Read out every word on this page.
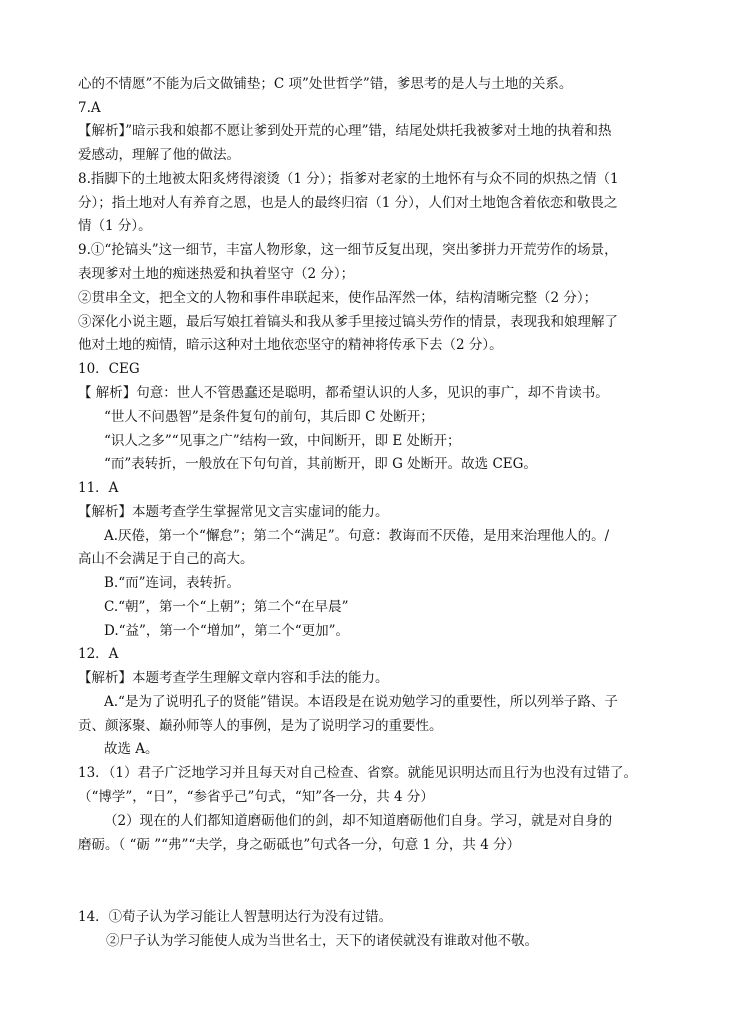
心的不情愿”不能为后文做铺垫；C 项”处世哲学”错，爹思考的是人与土地的关系。
7.A
【解析】”暗示我和娘都不愿让爹到处开荒的心理”错，结尾处烘托我被爹对土地的执着和热
爱感动，理解了他的做法。
8.指脚下的土地被太阳炙烤得滚烫（1 分）；指爹对老家的土地怀有与众不同的炽热之情（1
分）；指土地对人有养育之恩，也是人的最终归宿（1 分），人们对土地饱含着依恋和敬畏之
情（1 分）。
9.①“抡镐头”这一细节，丰富人物形象，这一细节反复出现，突出爹拼力开荒劳作的场景，
表现爹对土地的痴迷热爱和执着坚守（2 分）；
②贯串全文，把全文的人物和事件串联起来，使作品浑然一体，结构清晰完整（2 分）；
③深化小说主题，最后写娘扛着镐头和我从爹手里接过镐头劳作的情景，表现我和娘理解了
他对土地的痴情，暗示这种对土地依恋坚守的精神将传承下去（2 分）。
10．CEG
【 解析】句意：世人不管愚蠢还是聪明，都希望认识的人多，见识的事广，却不肯读书。
“世人不问愚智”是条件复句的前句，其后即 C 处断开；
“识人之多”“见事之广”结构一致，中间断开，即 E 处断开；
“而”表转折，一般放在下句句首，其前断开，即 G 处断开。故选 CEG。
11．A
【解析】本题考查学生掌握常见文言实虚词的能力。
A.厌倦，第一个“懈怠”；第二个“满足”。句意：教诲而不厌倦，是用来治理他人的。/
高山不会满足于自己的高大。
B.“而”连词，表转折。
C.“朝”，第一个“上朝”；第二个“在早晨”
D.“益”，第一个“增加”，第二个“更加”。
12．A
【解析】本题考查学生理解文章内容和手法的能力。
A.“是为了说明孔子的贤能”错误。本语段是在说劝勉学习的重要性，所以列举子路、子
贡、颜涿聚、巅孙师等人的事例，是为了说明学习的重要性。
故选 A。
13．（1）君子广泛地学习并且每天对自己检查、省察。就能见识明达而且行为也没有过错了。
（“博学”，“日”，“参省乎己”句式，“知”各一分，共 4 分）
（2）现在的人们都知道磨砺他们的剑，却不知道磨砺他们自身。学习，就是对自身的
磨砺。（ “砺 ”“弗”“夫学，身之砺砥也”句式各一分，句意 1 分，共 4 分）
14．①荀子认为学习能让人智慧明达行为没有过错。
②尸子认为学习能使人成为当世名士，天下的诸侯就没有谁敢对他不敬。
